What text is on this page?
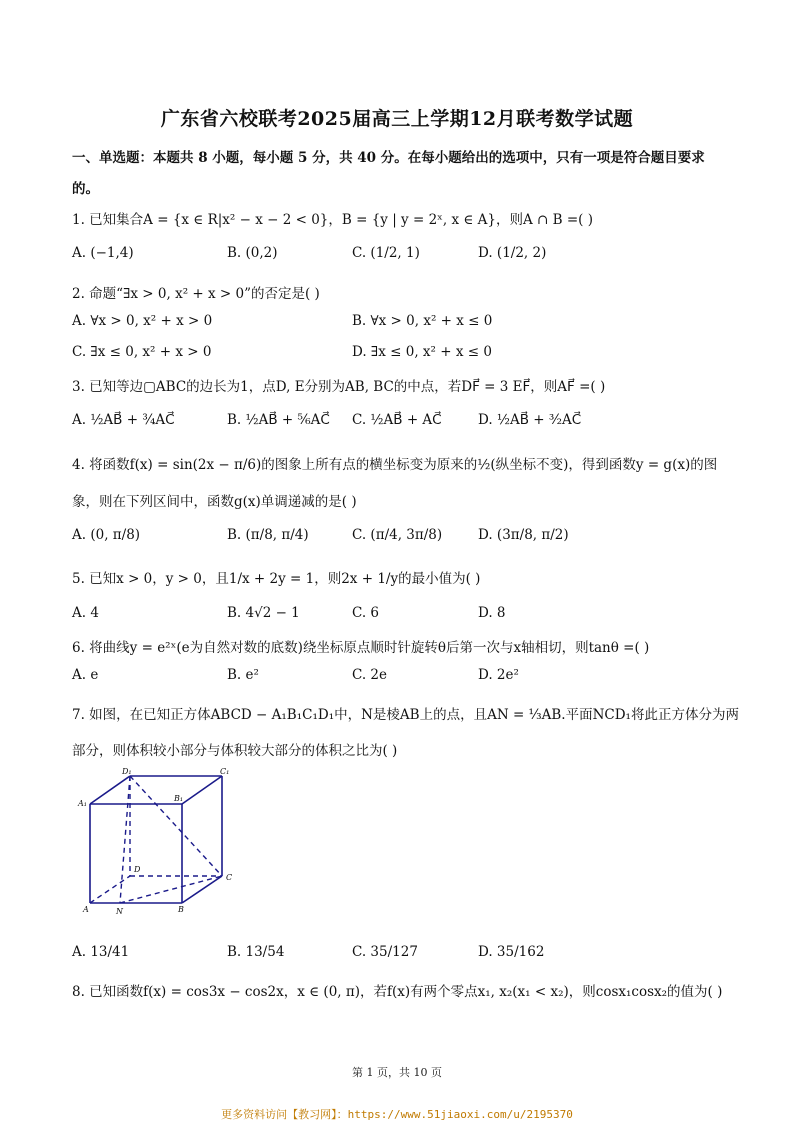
广东省六校联考2025届高三上学期12月联考数学试题
一、单选题：本题共 8 小题，每小题 5 分，共 40 分。在每小题给出的选项中，只有一项是符合题目要求
的。
1. 已知集合A = {x ∈ R|x² − x − 2 < 0}，B = {y | y = 2ˣ, x ∈ A}，则A ∩ B =( )
A. (−1,4)	B. (0,2)	C. (1/2, 1)	D. (1/2, 2)
2. 命题“∃x > 0, x² + x > 0”的否定是( )
A. ∀x > 0, x² + x > 0	B. ∀x > 0, x² + x ≤ 0
C. ∃x ≤ 0, x² + x > 0	D. ∃x ≤ 0, x² + x ≤ 0
3. 已知等边▢ABC的边长为1，点D, E分别为AB, BC的中点，若DF⃗ = 3 EF⃗，则AF⃗ =( )
A. ½AB⃗ + ¾AC⃗	B. ½AB⃗ + ⅚AC⃗ C. ½AB⃗ + AC⃗	D. ½AB⃗ + ³⁄₂AC⃗
4. 将函数f(x) = sin(2x − π/6)的图象上所有点的横坐标变为原来的½(纵坐标不变)，得到函数y = g(x)的图
象，则在下列区间中，函数g(x)单调递减的是( )
A. (0, π/8)	B. (π/8, π/4)	C. (π/4, 3π/8)	D. (3π/8, π/2)
5. 已知x > 0，y > 0，且1/x + 2y = 1，则2x + 1/y的最小值为( )
A. 4	B. 4√2 − 1	C. 6	D. 8
6. 将曲线y = e²ˣ(e为自然对数的底数)绕坐标原点顺时针旋转θ后第一次与x轴相切，则tanθ =( )
A. e	B. e²	C. 2e	D. 2e²
7. 如图，在已知正方体ABCD − A₁B₁C₁D₁中，N是棱AB上的点，且AN = ⅓AB.平面NCD₁将此正方体分为两
部分，则体积较小部分与体积较大部分的体积之比为( )
D₁	C₁
A₁
B₁
D
C
A	N	B
A. 13/41	B. 13/54	C. 35/127	D. 35/162
8. 已知函数f(x) = cos3x − cos2x，x ∈ (0, π)，若f(x)有两个零点x₁, x₂(x₁ < x₂)，则cosx₁cosx₂的值为( )
第 1 页，共 10 页
更多资料访问【教习网】：https://www.51jiaoxi.com/u/2195370
